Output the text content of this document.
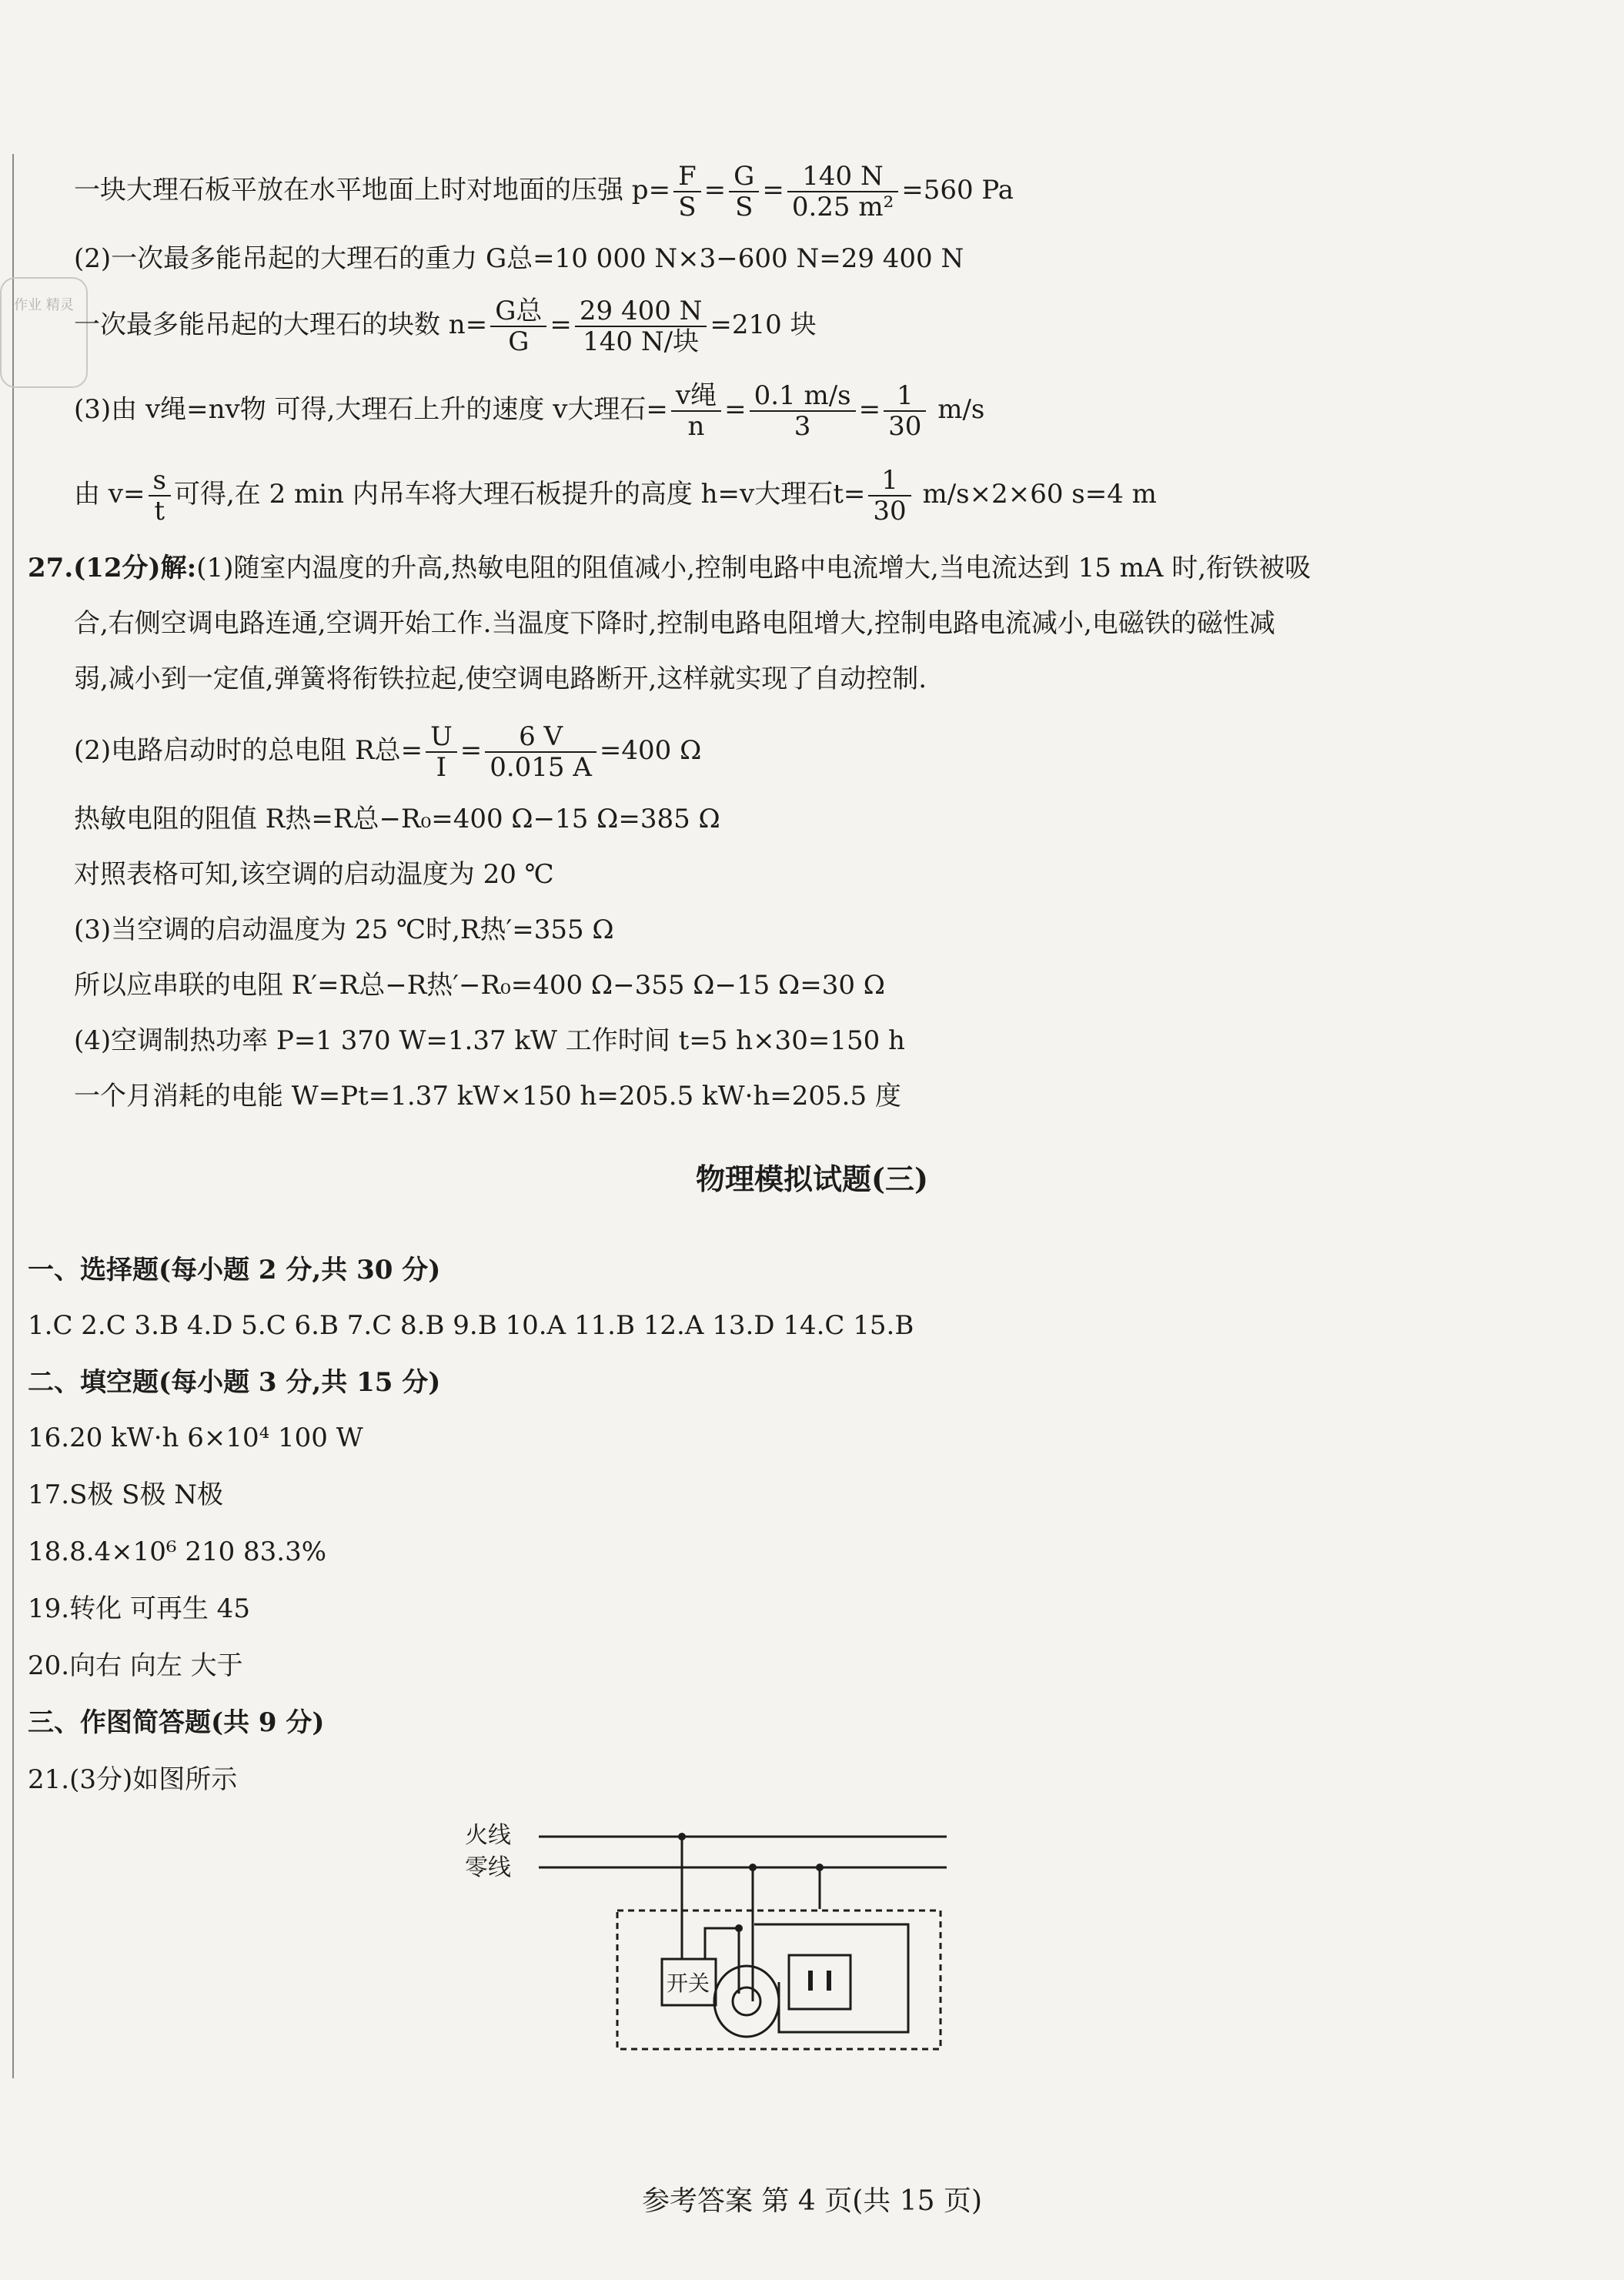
作业 精灵
一块大理石板平放在水平地面上时对地面的压强 $p= \frac{F}{S} = \frac{G}{S} = \frac{140 N}{\text{0.25 m²}} =560$ Pa
(2)一次最多能吊起的大理石的重力 G总=10 000 N×3−600 N=29 400 N
一次最多能吊起的大理石的块数 $n= \frac{\text{G总}}{G} = \frac{29 400 N}{\text{140 N/块}} =210$ 块
(3)由 v绳=nv物 可得,大理石上升的速度 v大理石= $\frac{\text{v绳}}{n} = \frac{0.1 m/s}{3} = \frac{1}{30} m/s$
由 $v= \frac{s}{t}$ 可得,在 2 min 内吊车将大理石板提升的高度 h=v大理石$t= \frac{1}{30} m/s\times 2\times 60$ s=4 m
27.(12分)解:(1)随室内温度的升高,热敏电阻的阻值减小,控制电路中电流增大,当电流达到 15 mA 时,衔铁被吸
合,右侧空调电路连通,空调开始工作.当温度下降时,控制电路电阻增大,控制电路电流减小,电磁铁的磁性减
弱,减小到一定值,弹簧将衔铁拉起,使空调电路断开,这样就实现了自动控制.
(2)电路启动时的总电阻 R总= $\frac{U}{I} = \frac{6 V}{0.015 A} =400$ Ω
热敏电阻的阻值 R热=R总−R₀=400 Ω−15 Ω=385 Ω
对照表格可知,该空调的启动温度为 20 ℃
(3)当空调的启动温度为 25 ℃时,R热′=355 Ω
所以应串联的电阻 R′=R总−R热′−R₀=400 Ω−355 Ω−15 Ω=30 Ω
(4)空调制热功率 P=1 370 W=1.37 kW 工作时间 t=5 h×30=150 h
一个月消耗的电能 W=Pt=1.37 kW×150 h=205.5 kW·h=205.5 度
物理模拟试题(三)
一、选择题(每小题 2 分,共 30 分)
1.C 2.C 3.B 4.D 5.C 6.B 7.C 8.B 9.B 10.A 11.B 12.A 13.D 14.C 15.B
二、填空题(每小题 3 分,共 15 分)
16.20 kW·h 6×10⁴ 100 W
17.S极 S极 N极
18.8.4×10⁶ 210 83.3%
19.转化 可再生 45
20.向右 向左 大于
三、作图简答题(共 9 分)
21.(3分)如图所示
火线
零线
开关
参考答案 第 4 页(共 15 页)
